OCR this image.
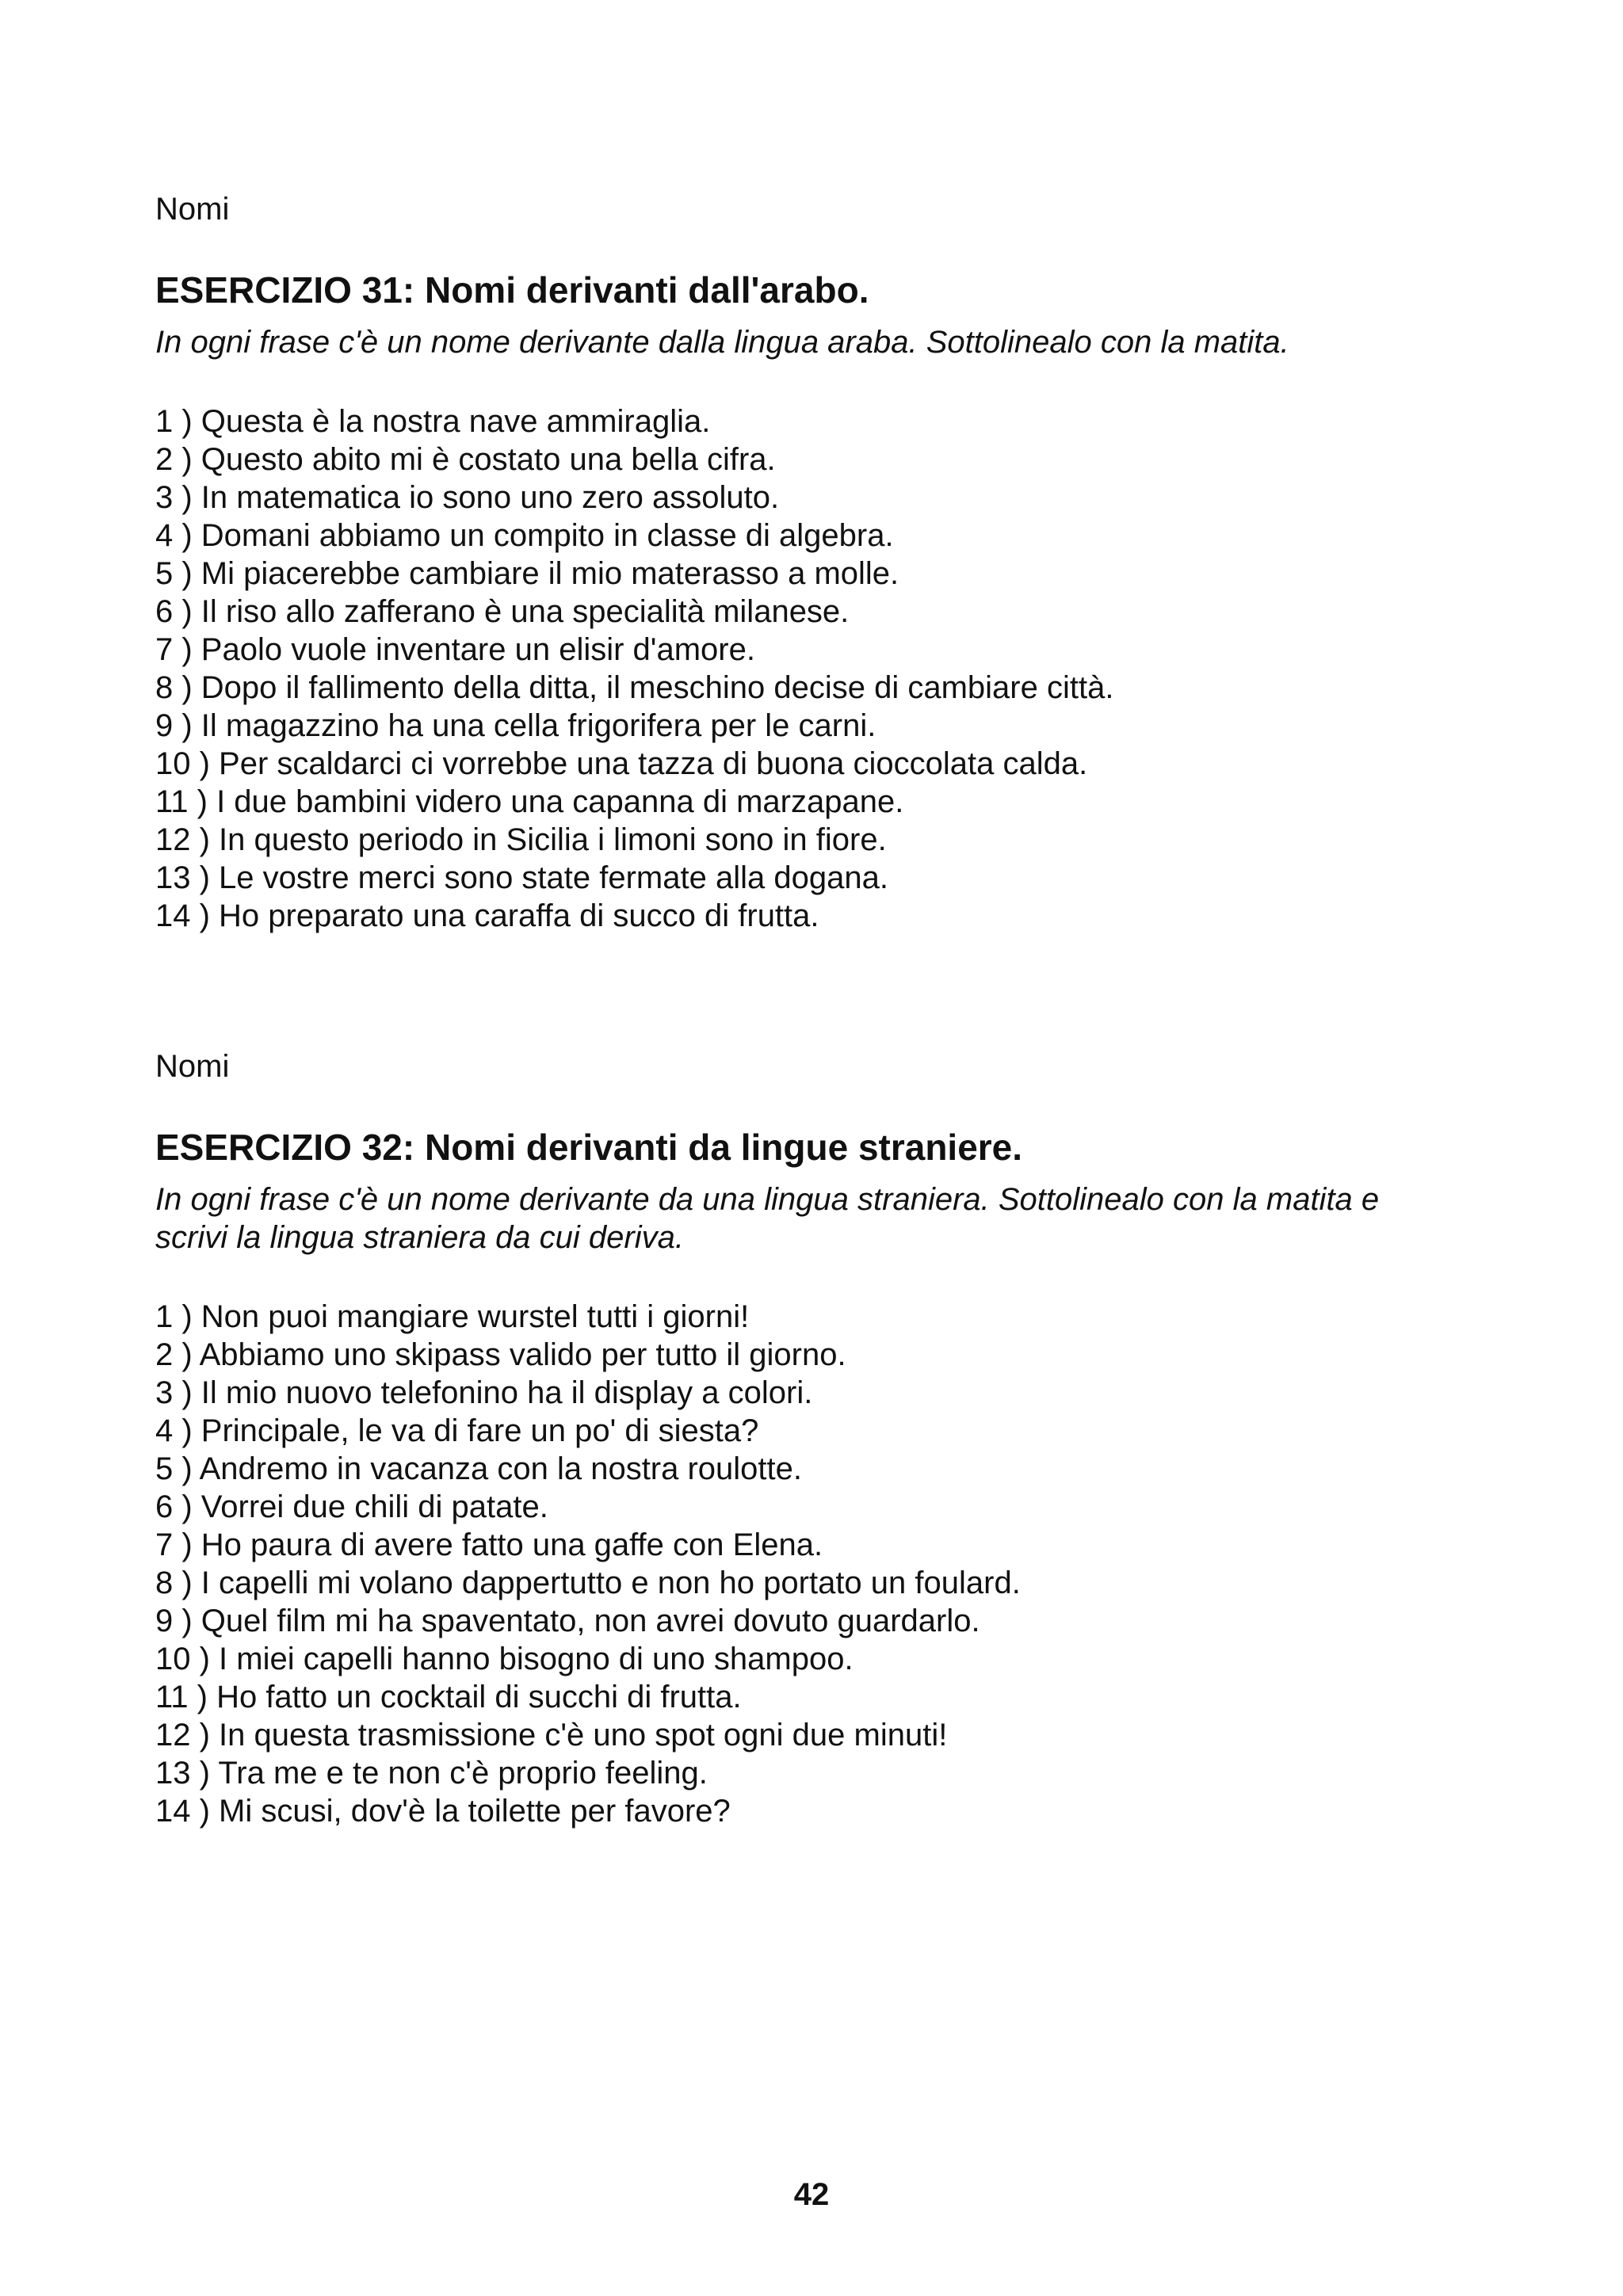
Nomi

ESERCIZIO 31: Nomi derivanti dall'arabo.

In ogni frase c'è un nome derivante dalla lingua araba. Sottolinealo con la matita.

1 ) Questa è la nostra nave ammiraglia.
2 ) Questo abito mi è costato una bella cifra.
3 ) In matematica io sono uno zero assoluto.
4 ) Domani abbiamo un compito in classe di algebra.
5 ) Mi piacerebbe cambiare il mio materasso a molle.
6 ) Il riso allo zafferano è una specialità milanese.
7 ) Paolo vuole inventare un elisir d'amore.
8 ) Dopo il fallimento della ditta, il meschino decise di cambiare città.
9 ) Il magazzino ha una cella frigorifera per le carni.
10 ) Per scaldarci ci vorrebbe una tazza di buona cioccolata calda.
11 ) I due bambini videro una capanna di marzapane.
12 ) In questo periodo in Sicilia i limoni sono in fiore.
13 ) Le vostre merci sono state fermate alla dogana.
14 ) Ho preparato una caraffa di succo di frutta.

Nomi

ESERCIZIO 32: Nomi derivanti da lingue straniere.

In ogni frase c'è un nome derivante da una lingua straniera. Sottolinealo con la matita e
scrivi la lingua straniera da cui deriva.

1 ) Non puoi mangiare wurstel tutti i giorni!
2 ) Abbiamo uno skipass valido per tutto il giorno.
3 ) Il mio nuovo telefonino ha il display a colori.
4 ) Principale, le va di fare un po' di siesta?
5 ) Andremo in vacanza con la nostra roulotte.
6 ) Vorrei due chili di patate.
7 ) Ho paura di avere fatto una gaffe con Elena.
8 ) I capelli mi volano dappertutto e non ho portato un foulard.
9 ) Quel film mi ha spaventato, non avrei dovuto guardarlo.
10 ) I miei capelli hanno bisogno di uno shampoo.
11 ) Ho fatto un cocktail di succhi di frutta.
12 ) In questa trasmissione c'è uno spot ogni due minuti!
13 ) Tra me e te non c'è proprio feeling.
14 ) Mi scusi, dov'è la toilette per favore?
42
